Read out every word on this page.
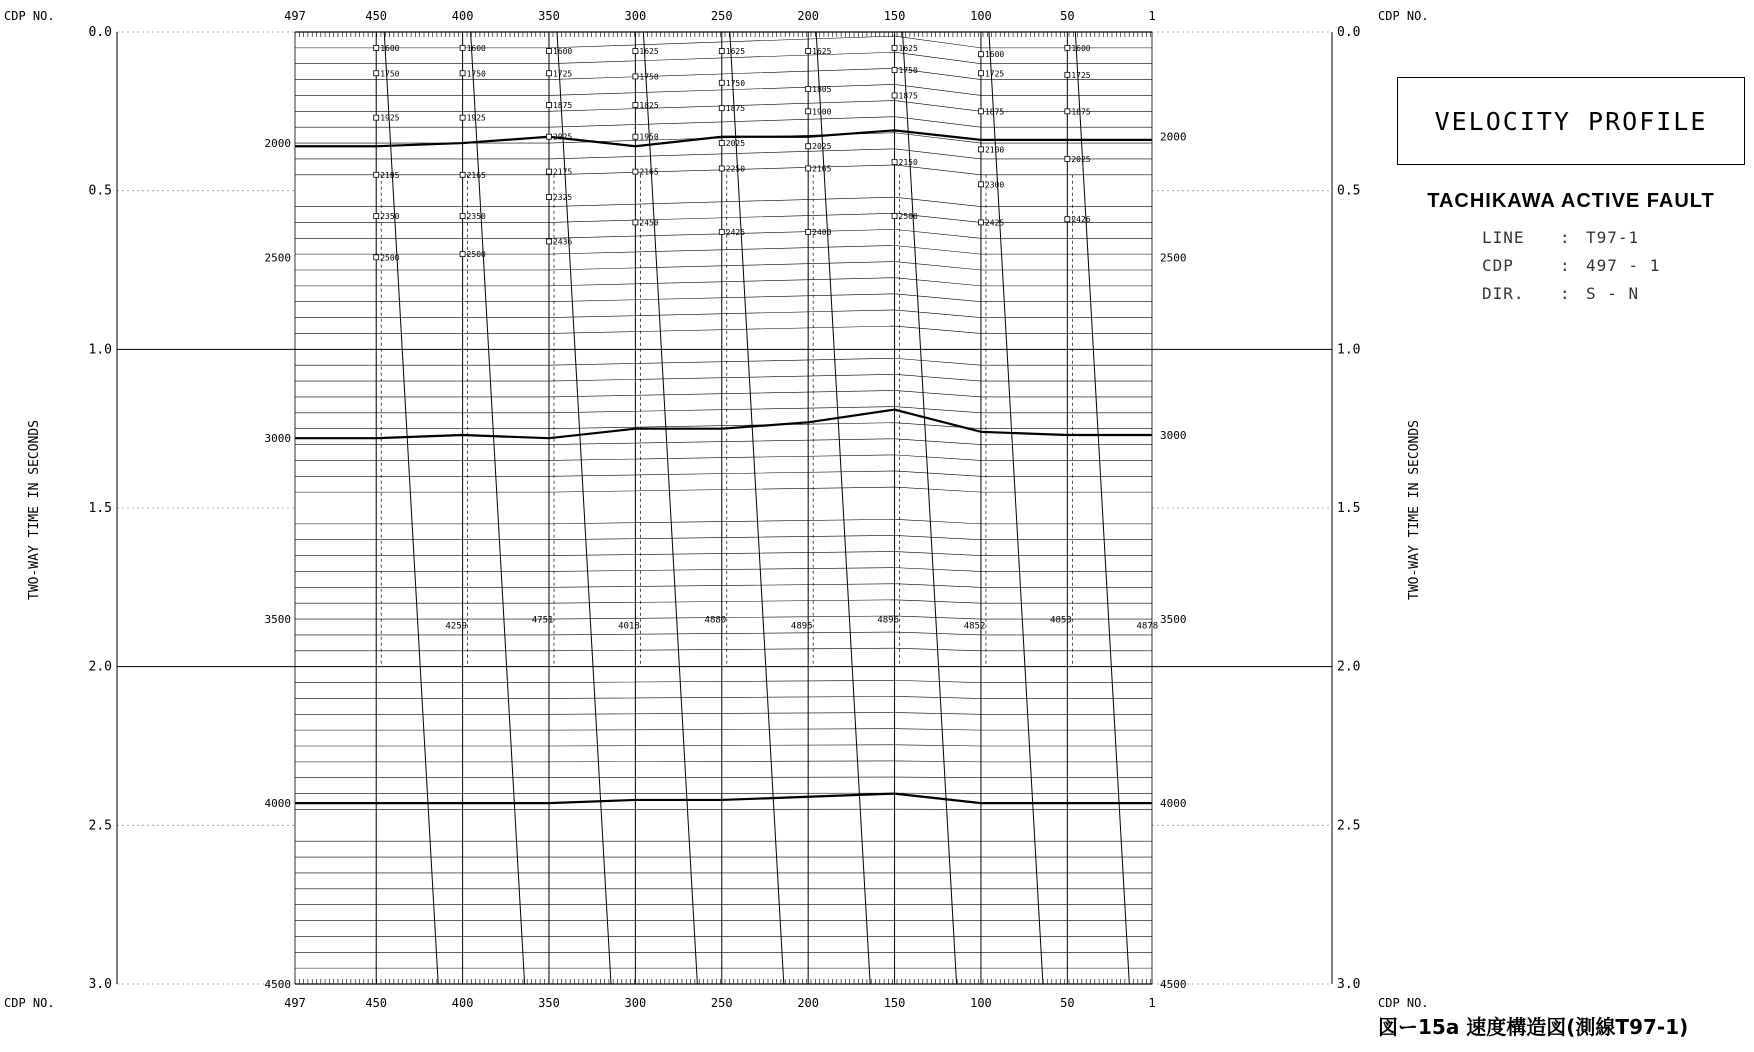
1600
1750
1925
2185
2350
2500
1600
1750
1925
2165
2350
2500
1600
1725
1875
2025
2175
2325
2436
1625
1750
1825
1950
2165
2450
1625
1750
1875
2025
2250
2425
1625
1805
1900
2025
2165
2400
1625
1750
1875
2150
2500
1600
1725
1875
2100
2300
2425
1600
1725
1875
2025
2426
0.0	0.0
0.5	0.5
1.0	1.0
1.5	1.5
2.0	2.0
2.5	2.5
3.0	3.0
2000	2000
2500	2500
3000	3000
3500	3500
4000	4000
4500	4500
497
497
450
450
400
400
350
350
300
300
250
250
200
200
150
150
100
100
50
50
1
1
4259
4751
4018
4880
4895
4896
4852
4853
4878
TWO-WAY TIME IN SECONDS	TWO-WAY TIME IN SECONDS
CDP NO.
CDP NO.
CDP NO.
CDP NO.
VELOCITY PROFILE
TACHIKAWA ACTIVE FAULT
LINE : T97-1
CDP	: 497 - 1
DIR. : S - N
図ー15a 速度構造図(測線T97-1)
